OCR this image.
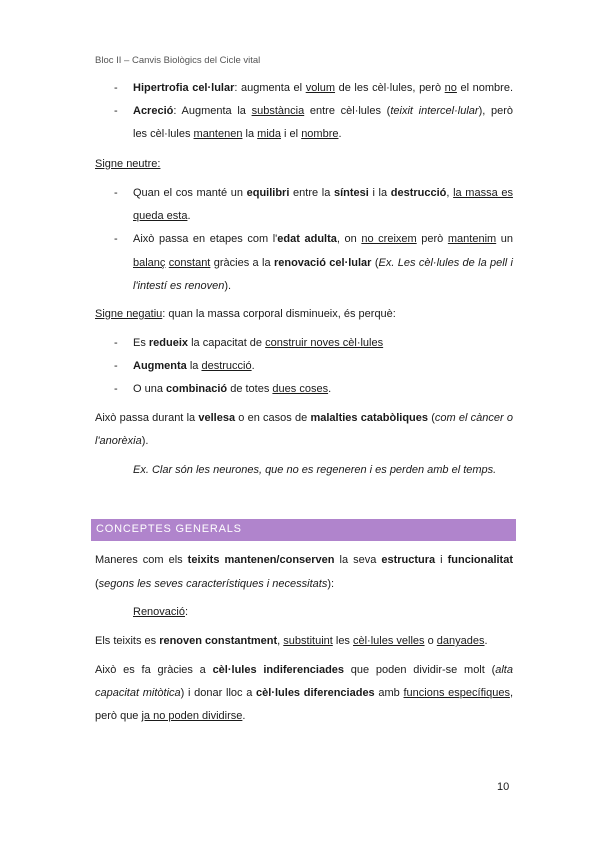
Bloc II – Canvis Biològics del Cicle vital
- Hipertrofia cel·lular: augmenta el volum de les cèl·lules, però no el nombre.
- Acreció: Augmenta la substància entre cèl·lules (teixit intercel·lular), però
les cèl·lules mantenen la mida i el nombre.
Signe neutre:
- Quan el cos manté un equilibri entre la síntesi i la destrucció, la massa es
queda esta.
- Això passa en etapes com l'edat adulta, on no creixem però mantenim un
balanç constant gràcies a la renovació cel·lular (Ex. Les cèl·lules de la pell i
l'intestí es renoven).
Signe negatiu: quan la massa corporal disminueix, és perquè:
- Es redueix la capacitat de construir noves cèl·lules
- Augmenta la destrucció.
- O una combinació de totes dues coses.
Això passa durant la vellesa o en casos de malalties catabòliques (com el càncer o
l'anorèxia).
Ex. Clar són les neurones, que no es regeneren i es perden amb el temps.
CONCEPTES GENERALS
Maneres com els teixits mantenen/conserven la seva estructura i funcionalitat
(segons les seves característiques i necessitats):
Renovació:
Els teixits es renoven constantment, substituint les cèl·lules velles o danyades.
Això es fa gràcies a cèl·lules indiferenciades que poden dividir-se molt (alta
capacitat mitòtica) i donar lloc a cèl·lules diferenciades amb funcions específiques,
però que ja no poden dividirse.
10
